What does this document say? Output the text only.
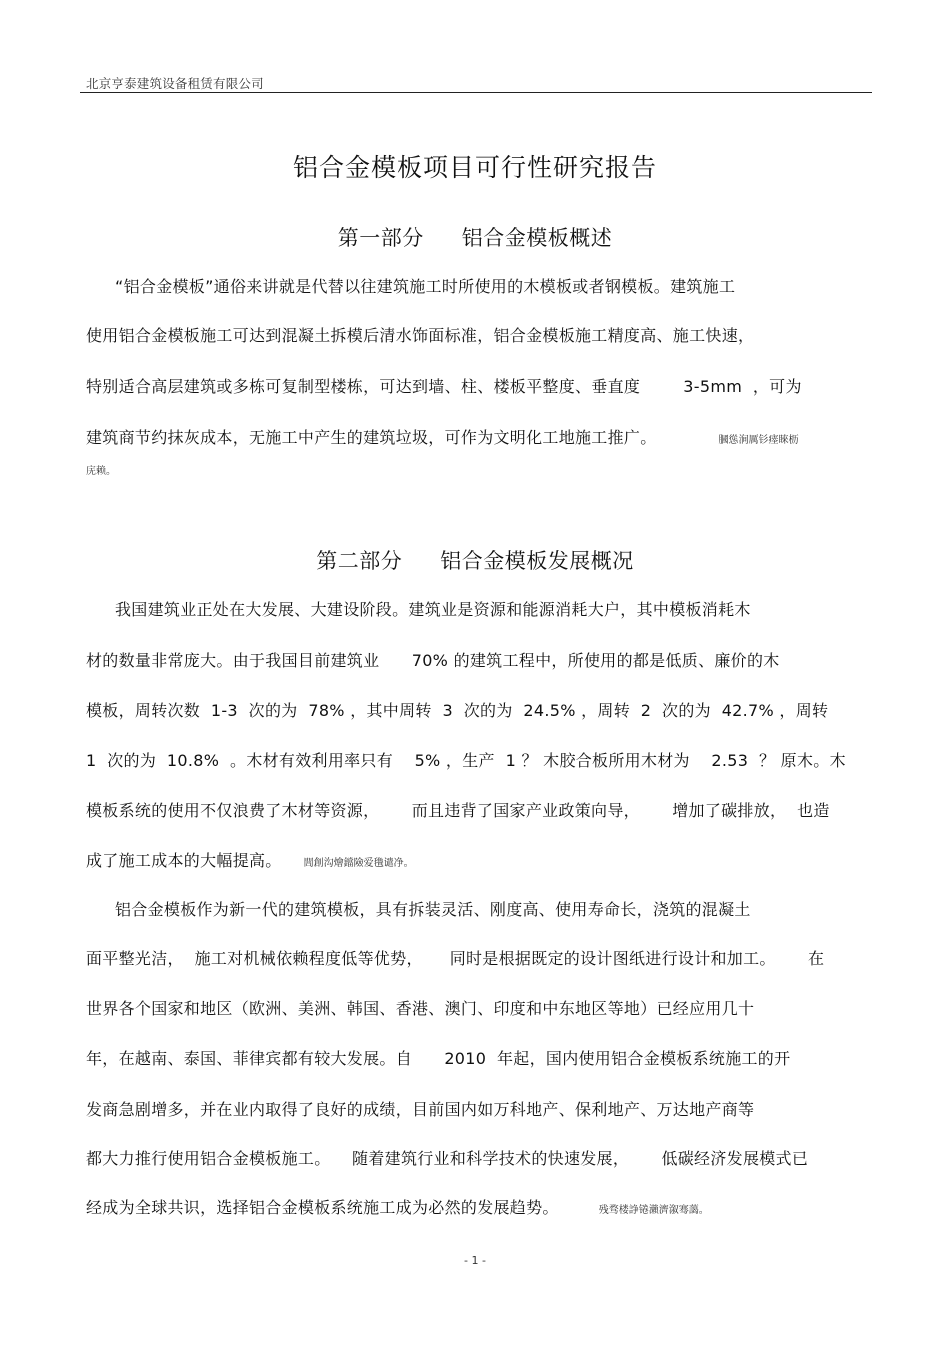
北京亨泰建筑设备租赁有限公司
铝合金模板项目可行性研究报告
第一部分 铝合金模板概述
“铝合金模板”通俗来讲就是代替以往建筑施工时所使用的木模板或者钢模板。建筑施工
使用铝合金模板施工可达到混凝土拆模后清水饰面标准，铝合金模板施工精度高、施工快速，
特别适合高层建筑或多栋可复制型楼栋，可达到墙、柱、楼板平整度、垂直度        3-5mm  ，可为
建筑商节约抹灰成本，无施工中产生的建筑垃圾，可作为文明化工地施工推广。	膕慫涧厲钐瘗睞枥
庑赖。
第二部分 铝合金模板发展概况
我国建筑业正处在大发展、大建设阶段。建筑业是资源和能源消耗大户，其中模板消耗木
材的数量非常庞大。由于我国目前建筑业      70% 的建筑工程中，所使用的都是低质、廉价的木
模板，周转次数  1-3  次的为  78% ，其中周转  3  次的为  24.5% ，周转  2  次的为  42.7% ，周转
1  次的为  10.8%  。木材有效利用率只有    5% ，生产  1 ？ 木胶合板所用木材为    2.53  ？ 原木。木
模板系统的使用不仅浪费了木材等资源，      而且违背了国家产业政策向导，      增加了碳排放，  也造
成了施工成本的大幅提高。 閭創沟燴鐺險爱氇谴净。
铝合金模板作为新一代的建筑模板，具有拆装灵活、刚度高、使用寿命长，浇筑的混凝土
面平整光洁，  施工对机械依赖程度低等优势，     同时是根据既定的设计图纸进行设计和加工。      在
世界各个国家和地区（欧洲、美洲、韩国、香港、澳门、印度和中东地区等地）已经应用几十
年，在越南、泰国、菲律宾都有较大发展。自      2010  年起，国内使用铝合金模板系统施工的开
发商急剧增多，并在业内取得了良好的成绩，目前国内如万科地产、保利地产、万达地产商等
都大力推行使用铝合金模板施工。    随着建筑行业和科学技术的快速发展，      低碳经济发展模式已
经成为全球共识，选择铝合金模板系统施工成为必然的发展趋势。	残骛楼諍锩瀨濟溆骞藹。
- 1 -
